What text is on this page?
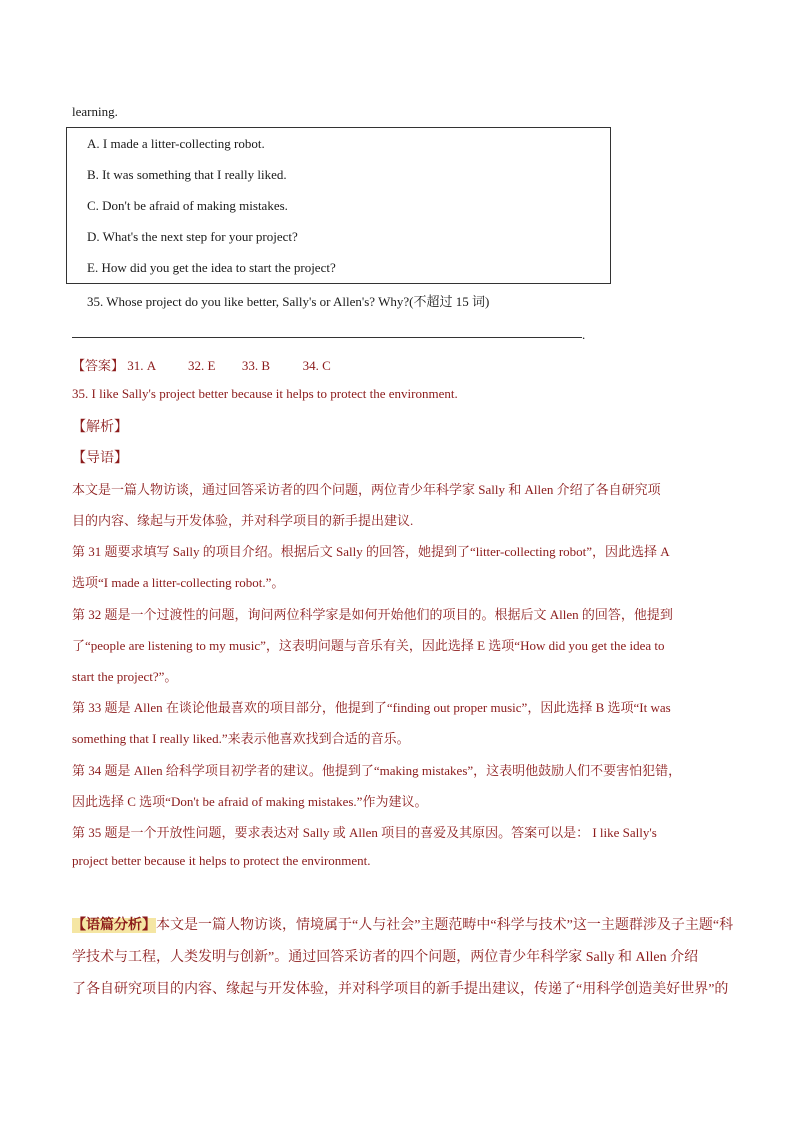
learning.
A. I made a litter-collecting robot.
B. It was something that I really liked.
C. Don't be afraid of making mistakes.
D. What's the next step for your project?
E. How did you get the idea to start the project?
35. Whose project do you like better, Sally's or Allen's? Why?(不超过 15 词)
.
【答案】 31. A	32. E 33. B	34. C
35. I like Sally's project better because it helps to protect the environment.
【解析】
【导语】
本文是一篇人物访谈，通过回答采访者的四个问题，两位青少年科学家 Sally 和 Allen 介绍了各自研究项
目的内容、缘起与开发体验，并对科学项目的新手提出建议.
第 31 题要求填写 Sally 的项目介绍。根据后文 Sally 的回答，她提到了“litter-collecting robot”，因此选择 A
选项“I made a litter-collecting robot.”。
第 32 题是一个过渡性的问题，询问两位科学家是如何开始他们的项目的。根据后文 Allen 的回答，他提到
了“people are listening to my music”，这表明问题与音乐有关，因此选择 E 选项“How did you get the idea to
start the project?”。
第 33 题是 Allen 在谈论他最喜欢的项目部分，他提到了“finding out proper music”，因此选择 B 选项“It was
something that I really liked.”来表示他喜欢找到合适的音乐。
第 34 题是 Allen 给科学项目初学者的建议。他提到了“making mistakes”，这表明他鼓励人们不要害怕犯错，
因此选择 C 选项“Don't be afraid of making mistakes.”作为建议。
第 35 题是一个开放性问题，要求表达对 Sally 或 Allen 项目的喜爱及其原因。答案可以是： I like Sally's
project better because it helps to protect the environment.
【语篇分析】本文是一篇人物访谈，情境属于“人与社会”主题范畴中“科学与技术”这一主题群涉及子主题“科
学技术与工程，人类发明与创新”。通过回答采访者的四个问题，两位青少年科学家 Sally 和 Allen 介绍
了各自研究项目的内容、缘起与开发体验，并对科学项目的新手提出建议，传递了“用科学创造美好世界”的
